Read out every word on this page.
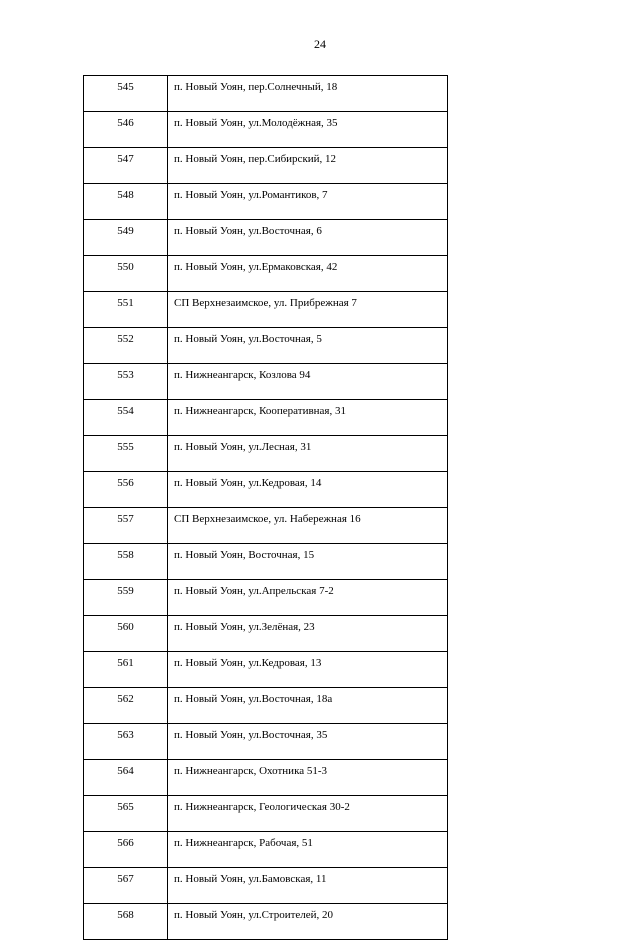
24
545	п. Новый Уоян, пер.Солнечный, 18
546	п. Новый Уоян, ул.Молодёжная, 35
547	п. Новый Уоян, пер.Сибирский, 12
548	п. Новый Уоян, ул.Романтиков, 7
549	п. Новый Уоян, ул.Восточная, 6
550	п. Новый Уоян, ул.Ермаковская, 42
551	СП Верхнезаимское, ул. Прибрежная 7
552	п. Новый Уоян, ул.Восточная, 5
553	п. Нижнеангарск, Козлова 94
554	п. Нижнеангарск, Кооперативная, 31
555	п. Новый Уоян, ул.Лесная, 31
556	п. Новый Уоян, ул.Кедровая, 14
557	СП Верхнезаимское, ул. Набережная 16
558	п. Новый Уоян, Восточная, 15
559	п. Новый Уоян, ул.Апрельская 7-2
560	п. Новый Уоян, ул.Зелёная, 23
561	п. Новый Уоян, ул.Кедровая, 13
562	п. Новый Уоян, ул.Восточная, 18а
563	п. Новый Уоян, ул.Восточная, 35
564	п. Нижнеангарск, Охотника 51-3
565	п. Нижнеангарск, Геологическая 30-2
566	п. Нижнеангарск, Рабочая, 51
567	п. Новый Уоян, ул.Бамовская, 11
568	п. Новый Уоян, ул.Строителей, 20
